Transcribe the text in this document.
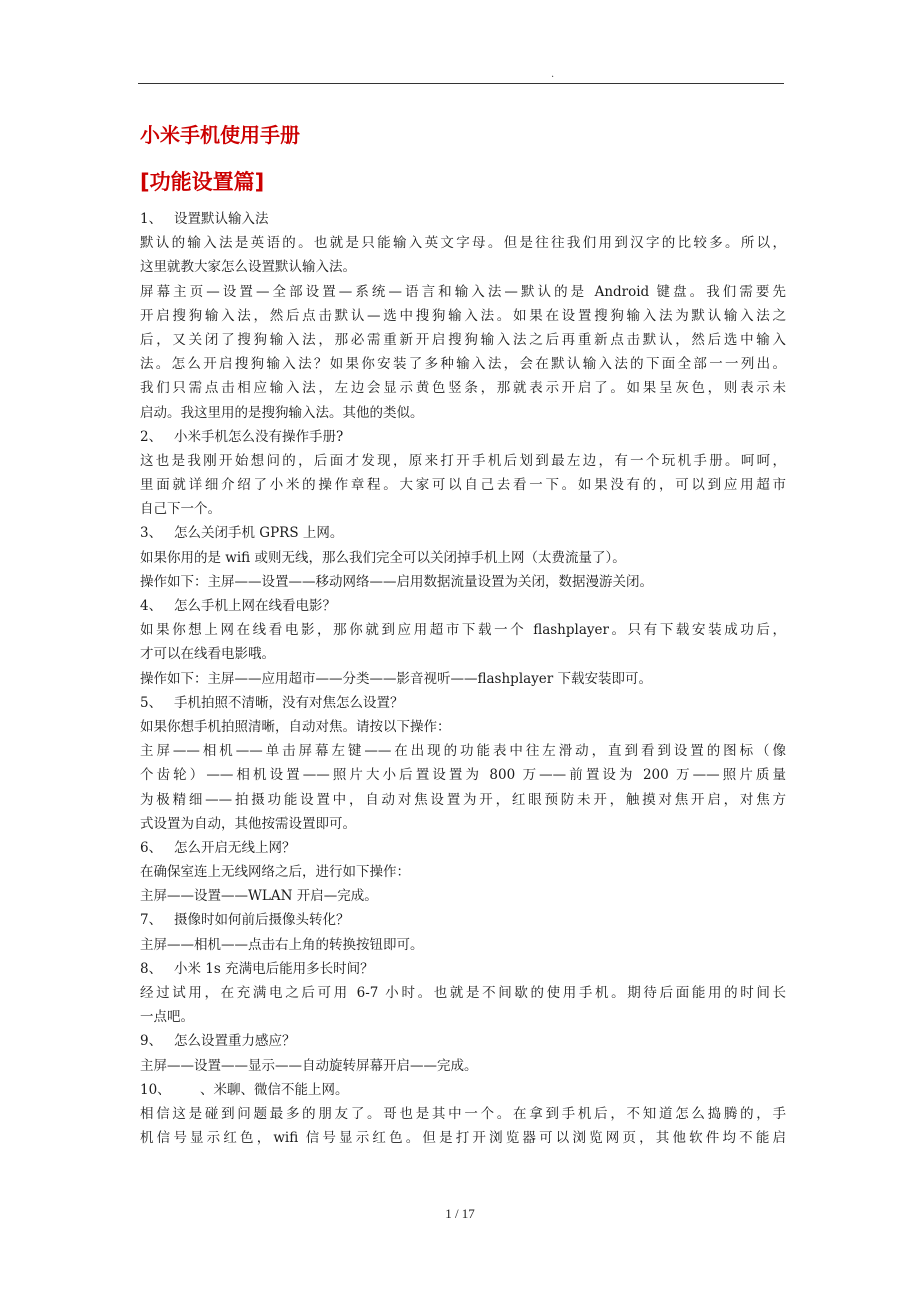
.
小米手机使用手册
[功能设置篇]
1、 设置默认输入法
默认的输入法是英语的。也就是只能输入英文字母。但是往往我们用到汉字的比较多。所以，
这里就教大家怎么设置默认输入法。
屏幕主页—设置—全部设置—系统—语言和输入法—默认的是 Android 键盘。我们需要先
开启搜狗输入法，然后点击默认—选中搜狗输入法。如果在设置搜狗输入法为默认输入法之
后，又关闭了搜狗输入法，那必需重新开启搜狗输入法之后再重新点击默认，然后选中输入
法。怎么开启搜狗输入法？如果你安装了多种输入法，会在默认输入法的下面全部一一列出。
我们只需点击相应输入法，左边会显示黄色竖条，那就表示开启了。如果呈灰色，则表示未
启动。我这里用的是搜狗输入法。其他的类似。
2、 小米手机怎么没有操作手册?
这也是我刚开始想问的，后面才发现，原来打开手机后划到最左边，有一个玩机手册。呵呵，
里面就详细介绍了小米的操作章程。大家可以自己去看一下。如果没有的，可以到应用超市
自己下一个。
3、 怎么关闭手机 GPRS 上网。
如果你用的是 wifi 或则无线，那么我们完全可以关闭掉手机上网（太费流量了）。
操作如下：主屏——设置——移动网络——启用数据流量设置为关闭，数据漫游关闭。
4、 怎么手机上网在线看电影？
如果你想上网在线看电影，那你就到应用超市下载一个 flashplayer。只有下载安装成功后，
才可以在线看电影哦。
操作如下：主屏——应用超市——分类——影音视听——flashplayer 下载安装即可。
5、 手机拍照不清晰，没有对焦怎么设置？
如果你想手机拍照清晰，自动对焦。请按以下操作：
主屏——相机——单击屏幕左键——在出现的功能表中往左滑动，直到看到设置的图标（像
个齿轮）——相机设置——照片大小后置设置为 800 万——前置设为 200 万——照片质量
为极精细——拍摄功能设置中，自动对焦设置为开，红眼预防未开，触摸对焦开启，对焦方
式设置为自动，其他按需设置即可。
6、 怎么开启无线上网？
在确保室连上无线网络之后，进行如下操作：
主屏——设置——WLAN 开启—完成。
7、 摄像时如何前后摄像头转化？
主屏——相机——点击右上角的转换按钮即可。
8、 小米 1s 充满电后能用多长时间？
经过试用，在充满电之后可用 6-7 小时。也就是不间歇的使用手机。期待后面能用的时间长
一点吧。
9、 怎么设置重力感应？
主屏——设置——显示——自动旋转屏幕开启——完成。
10、 、米聊、微信不能上网。
相信这是碰到问题最多的朋友了。哥也是其中一个。在拿到手机后，不知道怎么捣腾的，手
机信号显示红色，wifi 信号显示红色。但是打开浏览器可以浏览网页，其他软件均不能启
1 / 17
